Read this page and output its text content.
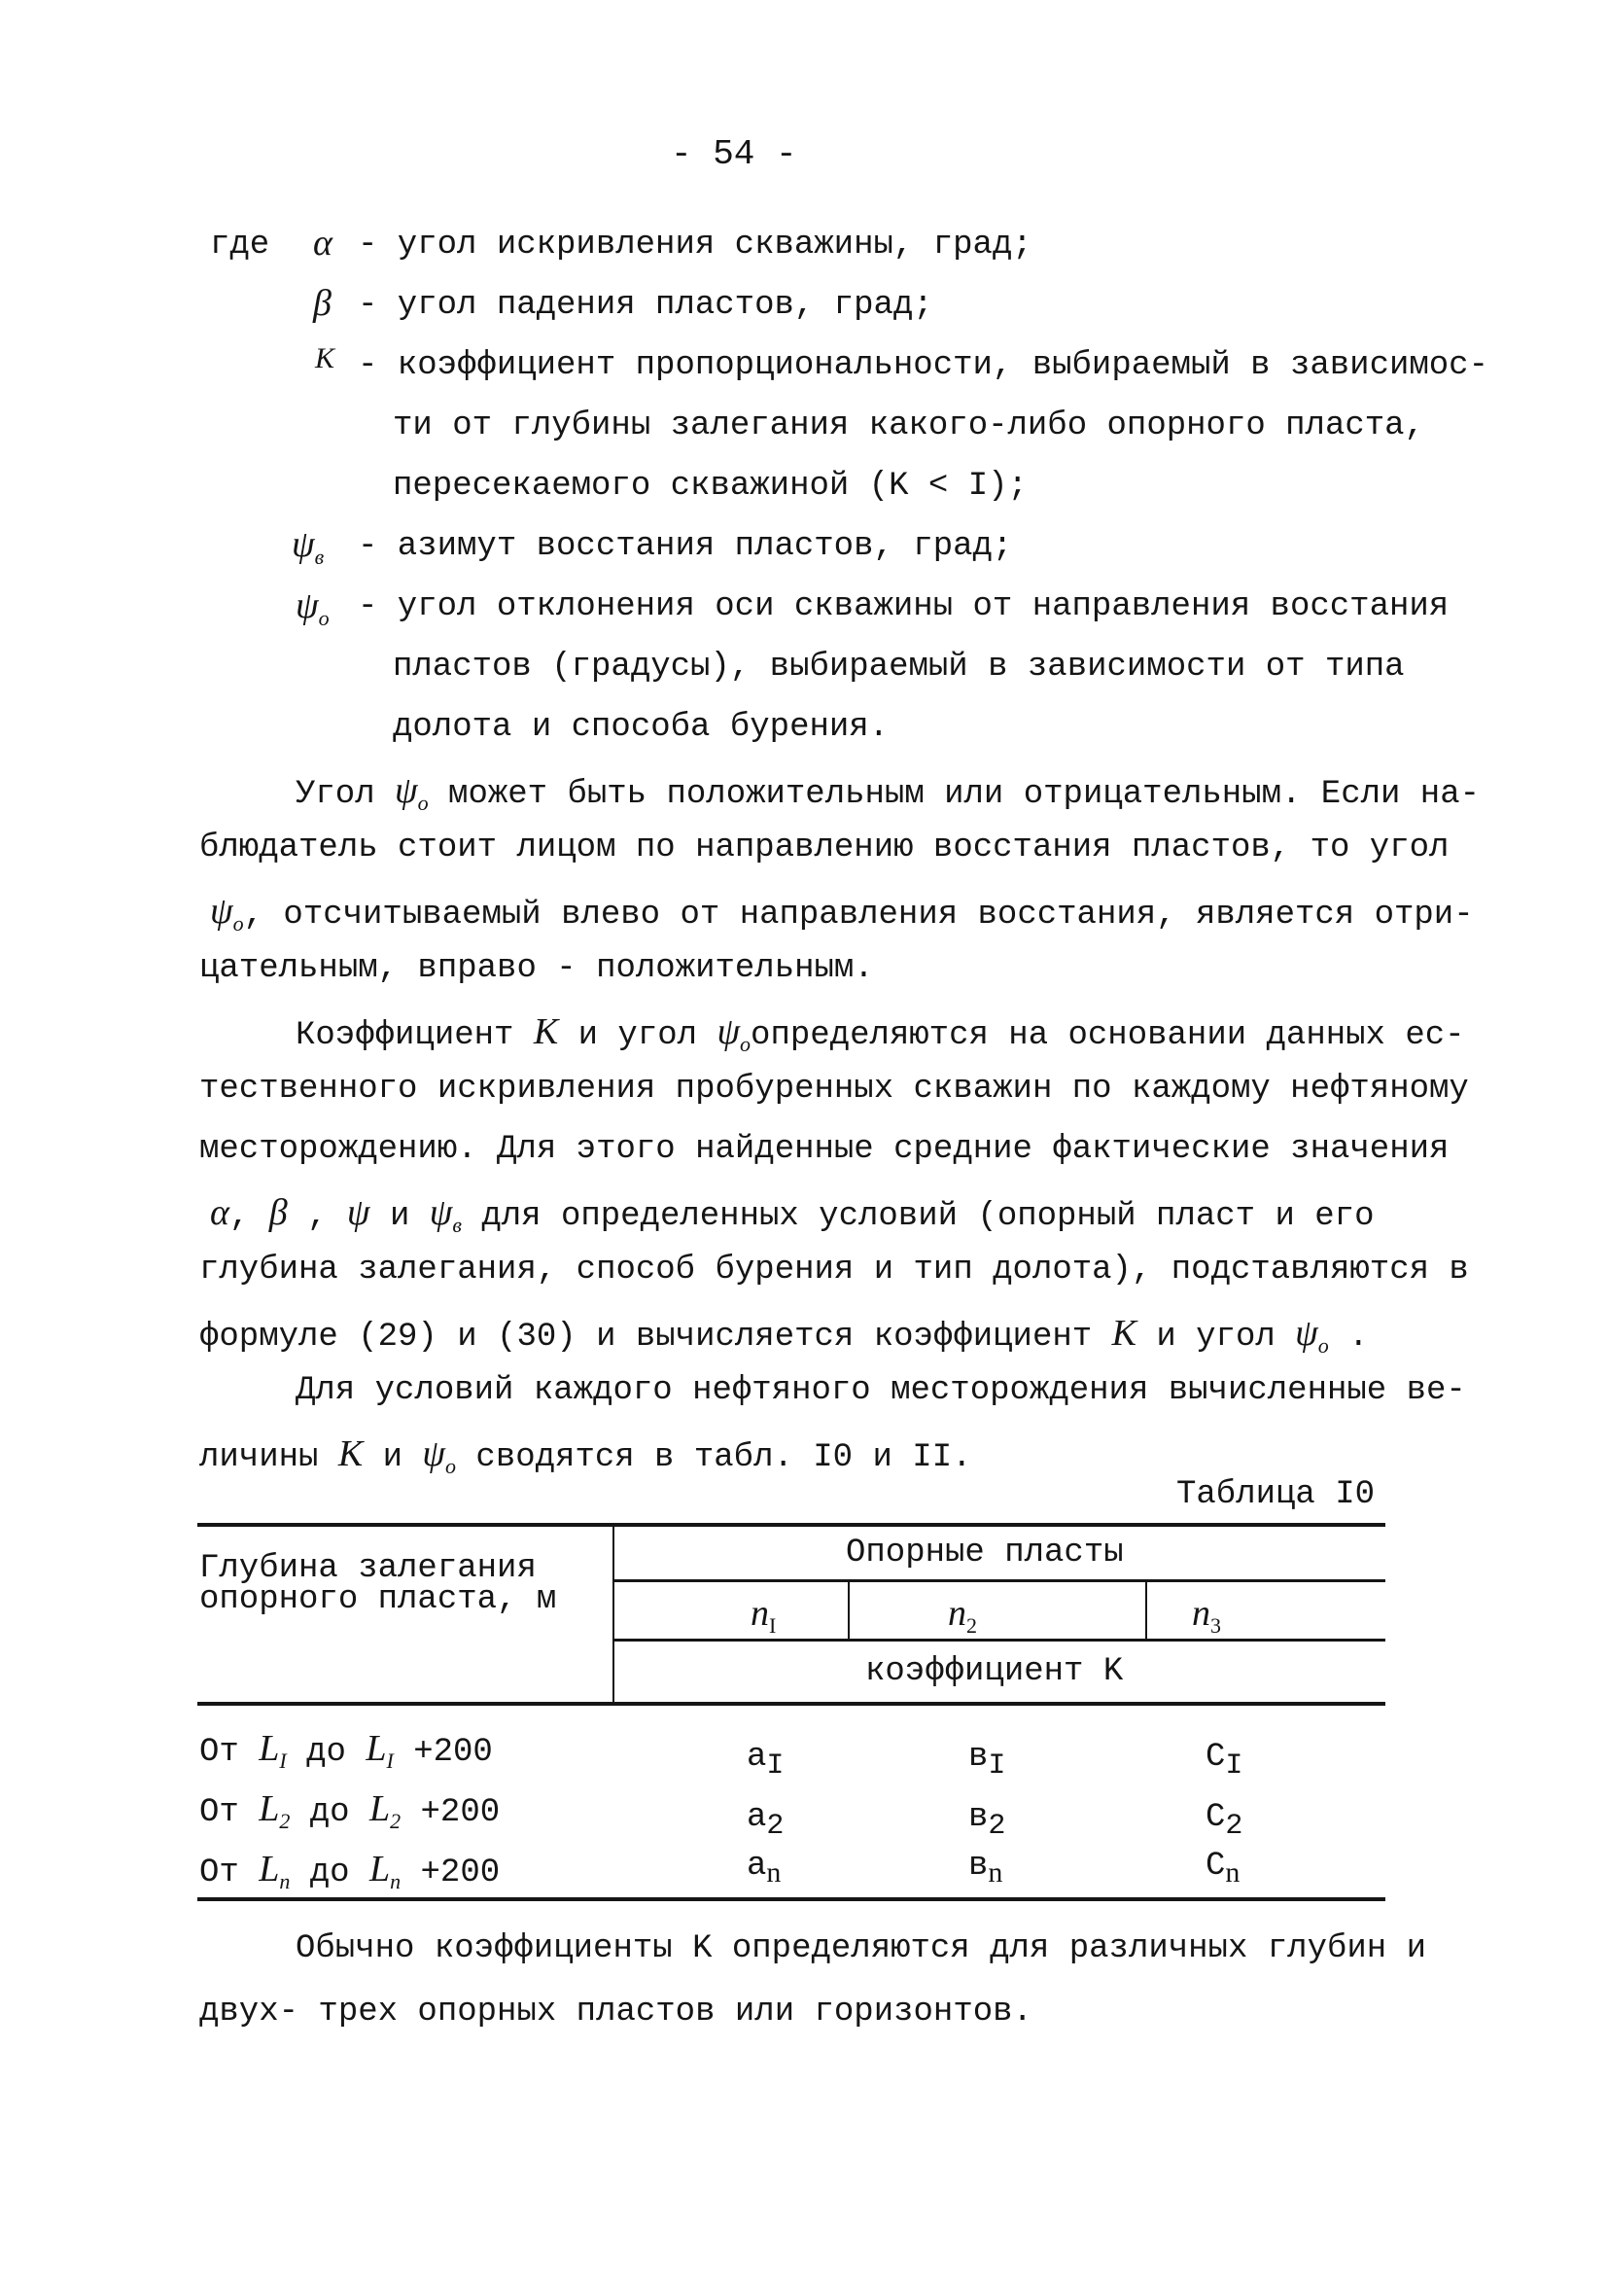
- 54 -
где α - угол искривления скважины, град;
β - угол падения пластов, град;
K - коэффициент пропорциональности, выбираемый в зависимос-
ти от глубины залегания какого-либо опорного пласта,
пересекаемого скважиной (K < I);
$\psi_в$ - азимут восстания пластов, град;
$\psi_о$ - угол отклонения оси скважины от направления восстания
пластов (градусы), выбираемый в зависимости от типа
долота и способа бурения.
Угол $\psi_о$ может быть положительным или отрицательным. Если на-
блюдатель стоит лицом по направлению восстания пластов, то угол
$\psi_о$, отсчитываемый влево от направления восстания, является отри-
цательным, вправо - положительным.
Коэффициент K и угол $\psi_оопределяются$ на основании данных ес-
тественного искривления пробуренных скважин по каждому нефтяному
месторождению. Для этого найденные средние фактические значения
α, β , ψ и $\psi_в$ для определенных условий (опорный пласт и его
глубина залегания, способ бурения и тип долота), подставляются в
формуле (29) и (30) и вычисляется коэффициент K и угол $\psi_о$ .
Для условий каждого нефтяного месторождения вычисленные ве-
личины K и $\psi_о$ сводятся в табл. I0 и II.
Таблица I0
Глубина залегания
опорного пласта, м
Опорные пласты
$n_I$	$n_2$	$n_3$
коэффициент K
От $L_I$ до $L_I +200$	aI	вI	CI
От $L_2$ до $L_2 +200$	a2	в2	C2
От $L_n$ до $L_n +200$	an	вn	Cn
Обычно коэффициенты K определяются для различных глубин и
двух- трех опорных пластов или горизонтов.
